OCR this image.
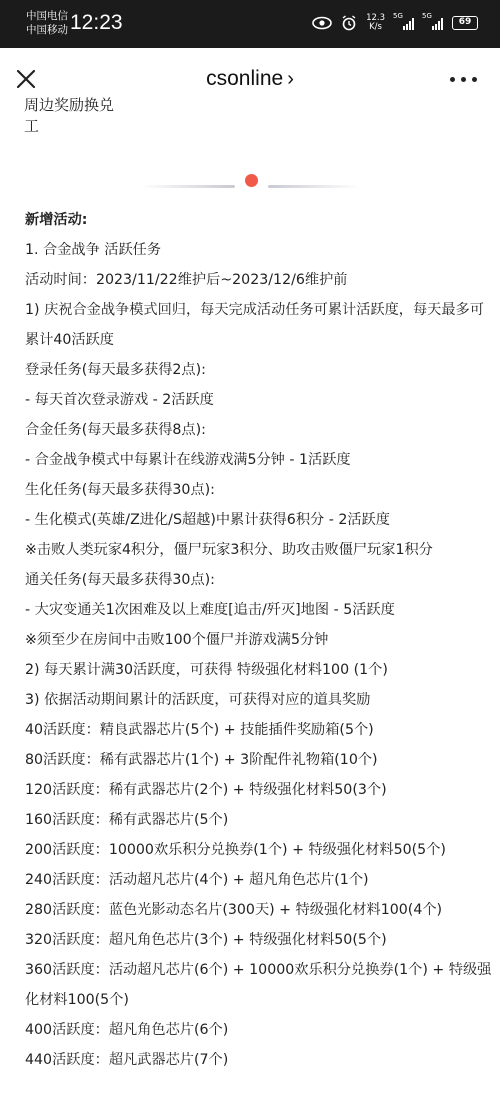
中国电信
中国移动 12:23	12.3
K/s
5G	5G
69
csonline ›
周边奖励换兑工

新增活动:

1. 合金战争 活跃任务

活动时间：2023/11/22维护后~2023/12/6维护前

1) 庆祝合金战争模式回归，每天完成活动任务可累计活跃度，每天最多可累计40活跃度

登录任务(每天最多获得2点):

- 每天首次登录游戏 - 2活跃度

合金任务(每天最多获得8点):

- 合金战争模式中每累计在线游戏满5分钟 - 1活跃度

生化任务(每天最多获得30点):

- 生化模式(英雄/Z进化/S超越)中累计获得6积分 - 2活跃度

※击败人类玩家4积分，僵尸玩家3积分、助攻击败僵尸玩家1积分

通关任务(每天最多获得30点):

- 大灾变通关1次困难及以上难度[追击/歼灭]地图 - 5活跃度

※须至少在房间中击败100个僵尸并游戏满5分钟

2) 每天累计满30活跃度，可获得 特级强化材料100 (1个)

3) 依据活动期间累计的活跃度，可获得对应的道具奖励

40活跃度：精良武器芯片(5个) + 技能插件奖励箱(5个)

80活跃度：稀有武器芯片(1个) + 3阶配件礼物箱(10个)

120活跃度：稀有武器芯片(2个) + 特级强化材料50(3个)

160活跃度：稀有武器芯片(5个)

200活跃度：10000欢乐积分兑换券(1个) + 特级强化材料50(5个)

240活跃度：活动超凡芯片(4个) + 超凡角色芯片(1个)

280活跃度：蓝色光影动态名片(300天) + 特级强化材料100(4个)

320活跃度：超凡角色芯片(3个) + 特级强化材料50(5个)

360活跃度：活动超凡芯片(6个) + 10000欢乐积分兑换券(1个) + 特级强化材料100(5个)

400活跃度：超凡角色芯片(6个)

440活跃度：超凡武器芯片(7个)
